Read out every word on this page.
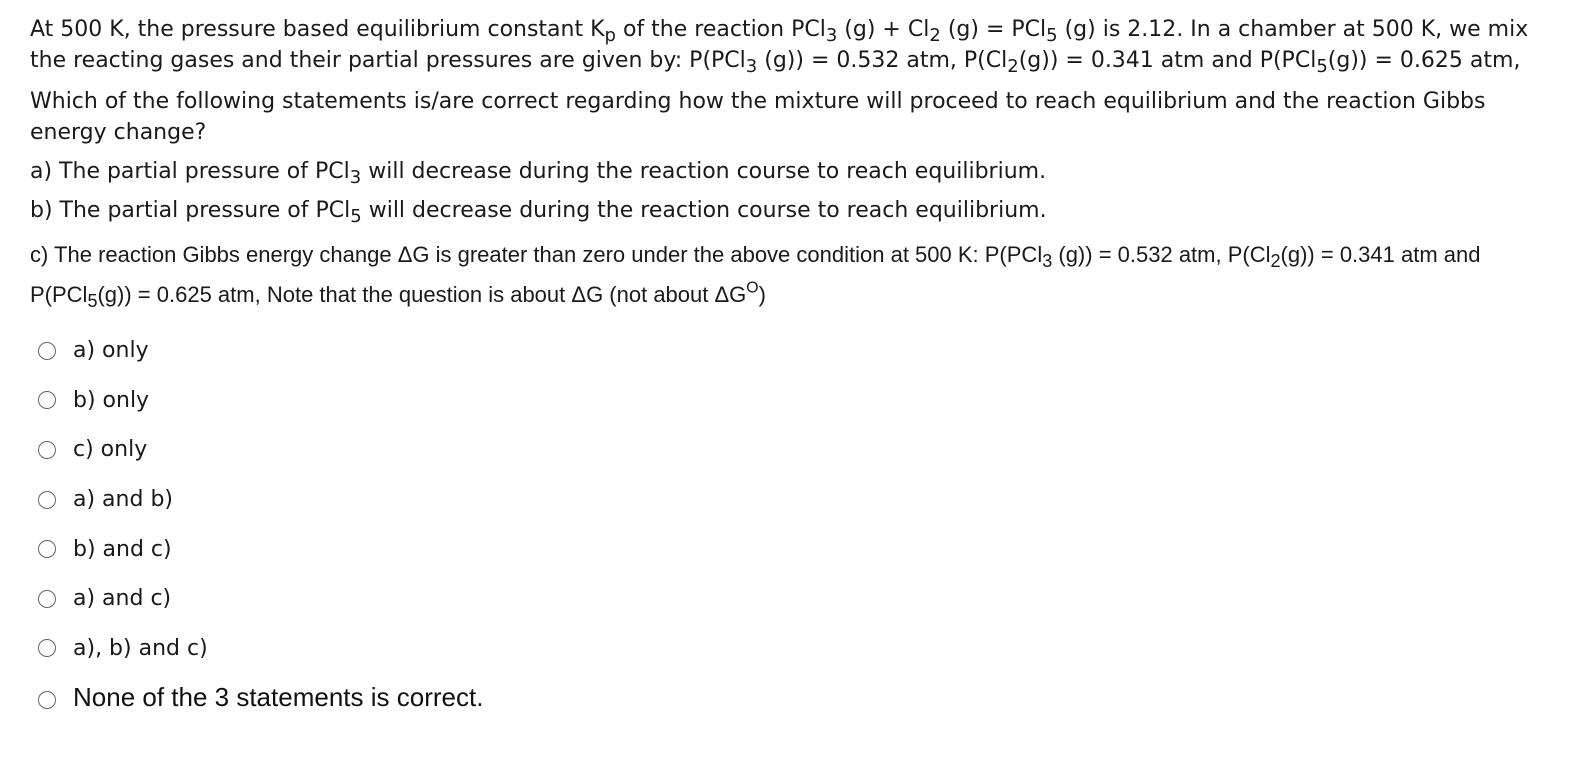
At 500 K, the pressure based equilibrium constant $K_p$ of the reaction PCl$_3$ $(g) + Cl_2$ (g) = PCl$_5$ (g) is 2.12. In a chamber at 500 K, we mix the reacting gases and their partial pressures are given by: P(PCl$_3$ (g)) = 0.532 atm, $P(Cl_2(g)) = 0.341$ atm and P(PCl$_5$(g)) = 0.625 atm,

Which of the following statements is/are correct regarding how the mixture will proceed to reach equilibrium and the reaction Gibbs energy change?

a) The partial pressure of PCl$_3$ will decrease during the reaction course to reach equilibrium.

b) The partial pressure of PCl$_5$ will decrease during the reaction course to reach equilibrium.

c) The reaction Gibbs energy change ΔG is greater than zero under the above condition at 500 K: P(PCl$_3$ (g)) = 0.532 atm, $P(Cl_2(g)) = 0.341$ atm and P(PCl$_5$(g)) = 0.625 atm, Note that the question is about ΔG (not about $\Delta G^O$)

a) only
b) only
c) only
a) and b)
b) and c)
a) and c)
a), b) and c)
None of the 3 statements is correct.
